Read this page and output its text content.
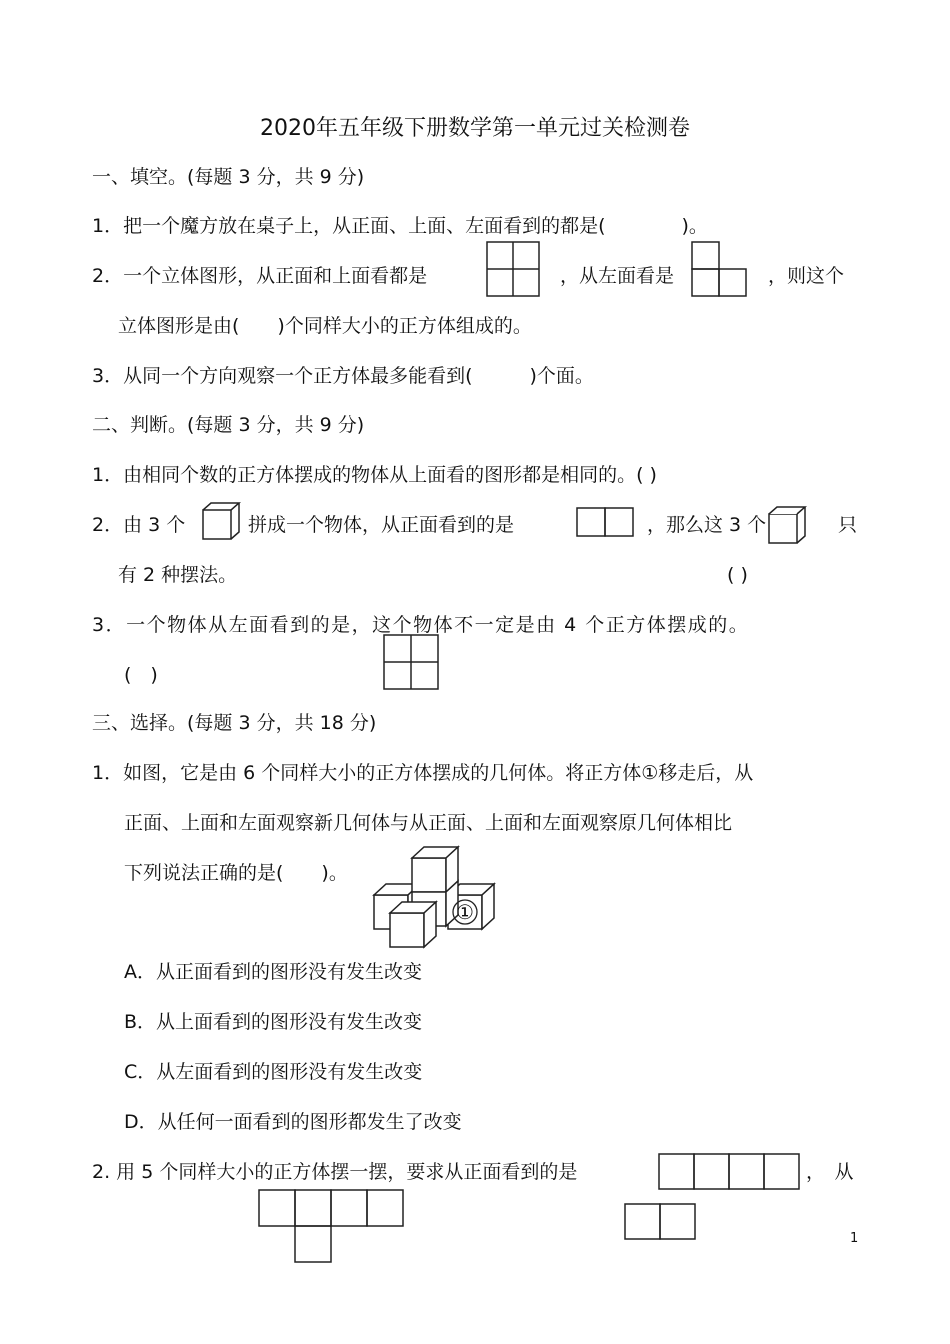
2020年五年级下册数学第一单元过关检测卷
一、填空。(每题 3 分，共 9 分)
1．把一个魔方放在桌子上，从正面、上面、左面看到的都是(　　　　)。
2．一个立体图形，从正面和上面看都是	，从左面看是	，则这个
立体图形是由(　　)个同样大小的正方体组成的。
3．从同一个方向观察一个正方体最多能看到(　　　)个面。
二、判断。(每题 3 分，共 9 分)
1．由相同个数的正方体摆成的物体从上面看的图形都是相同的。( )
2．由 3 个	拼成一个物体，从正面看到的是	，那么这 3 个	只
有 2 种摆法。	( )
3．一个物体从左面看到的是，这个物体不一定是由 4 个正方体摆成的。
(　)
三、选择。(每题 3 分，共 18 分)
1．如图，它是由 6 个同样大小的正方体摆成的几何体。将正方体①移走后，从
正面、上面和左面观察新几何体与从正面、上面和左面观察原几何体相比
下列说法正确的是(　　)。
①
A．从正面看到的图形没有发生改变
B．从上面看到的图形没有发生改变
C．从左面看到的图形没有发生改变
D．从任何一面看到的图形都发生了改变
2. 用 5 个同样大小的正方体摆一摆，要求从正面看到的是	，　从
1
